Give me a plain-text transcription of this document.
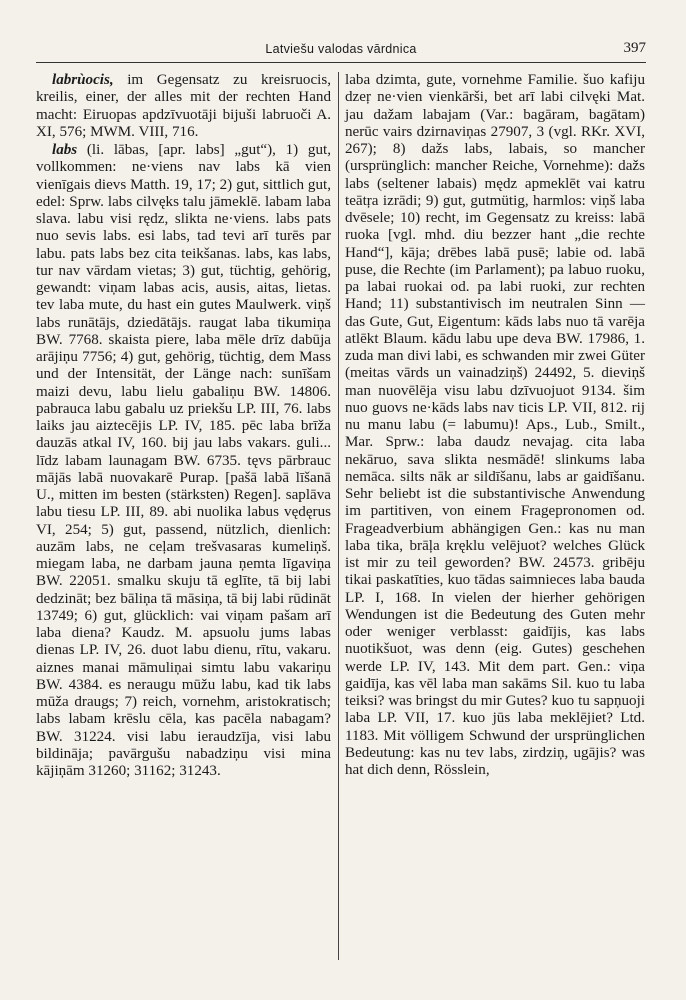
Latviešu valodas vārdnica	397

labrùocis, im Gegensatz zu kreisruocis, kreilis, einer, der alles mit der rechten Hand macht: Eiruopas apdzīvuotāji bijuši labruoči A. XI, 576; MWM. VIII, 716.

labs (li. lābas, [apr. labs] „gut“), 1) gut, vollkommen: ne·viens nav labs kā vien vienīgais dievs Matth. 19, 17; 2) gut, sittlich gut, edel: Sprw. labs cilvęks talu jāmeklē. labam laba slava. labu visi rędz, slikta ne·viens. labs pats nuo sevis labs. esi labs, tad tevi arī turēs par labu. pats labs bez cita teikšanas. labs, kas labs, tur nav vārdam vietas; 3) gut, tüchtig, gehörig, gewandt: viņam labas acis, ausis, aitas, lietas. tev laba mute, du hast ein gutes Maulwerk. viņš labs runātājs, dziedātājs. raugat laba tikumiņa BW. 7768. skaista piere, laba mēle drīz dabūja arājiņu 7756; 4) gut, gehörig, tüchtig, dem Mass und der Intensität, der Länge nach: sunīšam maizi devu, labu lielu gabaliņu BW. 14806. pabrauca labu gabalu uz priekšu LP. III, 76. labs laiks jau aiztecējis LP. IV, 185. pēc laba brīža dauzās atkal IV, 160. bij jau labs vakars. guli... līdz labam launagam BW. 6735. tęvs pārbrauc mājās labā nuovakarē Purap. [pašā labā līšanā U., mitten im besten (stärksten) Regen]. saplāva labu tiesu LP. III, 89. abi nuolika labus vędęrus VI, 254; 5) gut, passend, nützlich, dienlich: auzām labs, ne ceļam trešvasaras kumeliņš. miegam laba, ne darbam jauna ņemta līgaviņa BW. 22051. smalku skuju tā eglīte, tā bij labi dedzināt; bez bāliņa tā māsiņa, tā bij labi rūdināt 13749; 6) gut, glücklich: vai viņam pašam arī laba diena? Kaudz. M. apsuolu jums labas dienas LP. IV, 26. duot labu dienu, rītu, vakaru. aiznes manai māmuliņai simtu labu vakariņu BW. 4384. es neraugu mūžu labu, kad tik labs mūža draugs; 7) reich, vornehm, aristokratisch; labs labam krēslu cēla, kas pacēla nabagam? BW. 31224. visi labu ieraudzīja, visi labu bildināja; pavārgušu nabadziņu visi mina kājiņām 31260; 31162; 31243.

laba dzimta, gute, vornehme Familie. šuo kafiju dzeŗ ne·vien vienkārši, bet arī labi cilvęki Mat. jau dažam labajam (Var.: bagāram, bagātam) nerūc vairs dzirnaviņas 27907, 3 (vgl. RKr. XVI, 267); 8) dažs labs, labais, so mancher (ursprünglich: mancher Reiche, Vornehme): dažs labs (seltener labais) mędz apmeklēt vai katru teātŗa izrādi; 9) gut, gutmütig, harmlos: viņš laba dvēsele; 10) recht, im Gegensatz zu kreiss: labā ruoka [vgl. mhd. diu bezzer hant „die rechte Hand“], kāja; drēbes labā pusē; labie od. labā puse, die Rechte (im Parlament); pa labuo ruoku, pa labai ruokai od. pa labi ruoki, zur rechten Hand; 11) substantivisch im neutralen Sinn — das Gute, Gut, Eigentum: kāds labs nuo tā varēja atlēkt Blaum. kādu labu upe deva BW. 17986, 1. zuda man divi labi, es schwanden mir zwei Güter (meitas vārds un vainadziņš) 24492, 5. dieviņš man nuovēlēja visu labu dzīvuojuot 9134. šim nuo guovs ne·kāds labs nav ticis LP. VII, 812. rij nu manu labu (= labumu)! Aps., Lub., Smilt., Mar. Sprw.: laba daudz nevajag. cita laba nekāruo, sava slikta nesmādē! slinkums laba nemāca. silts nāk ar sildīšanu, labs ar gaidīšanu. Sehr beliebt ist die substantivische Anwendung im partitiven, von einem Fragepronomen od. Frageadverbium abhängigen Gen.: kas nu man laba tika, brāļa kręklu velējuot? welches Glück ist mir zu teil geworden? BW. 24573. gribēju tikai paskatīties, kuo tādas saimnieces laba bauda LP. I, 168. In vielen der hierher gehörigen Wendungen ist die Bedeutung des Guten mehr oder weniger verblasst: gaidījis, kas labs nuotikšuot, was denn (eig. Gutes) geschehen werde LP. IV, 143. Mit dem part. Gen.: viņa gaidīja, kas vēl laba man sakāms Sil. kuo tu laba teiksi? was bringst du mir Gutes? kuo tu sapņuoji laba LP. VII, 17. kuo jūs laba meklējiet? Ltd. 1183. Mit völligem Schwund der ursprünglichen Bedeutung: kas nu tev labs, zirdziņ, ugājis? was hat dich denn, Rösslein,
